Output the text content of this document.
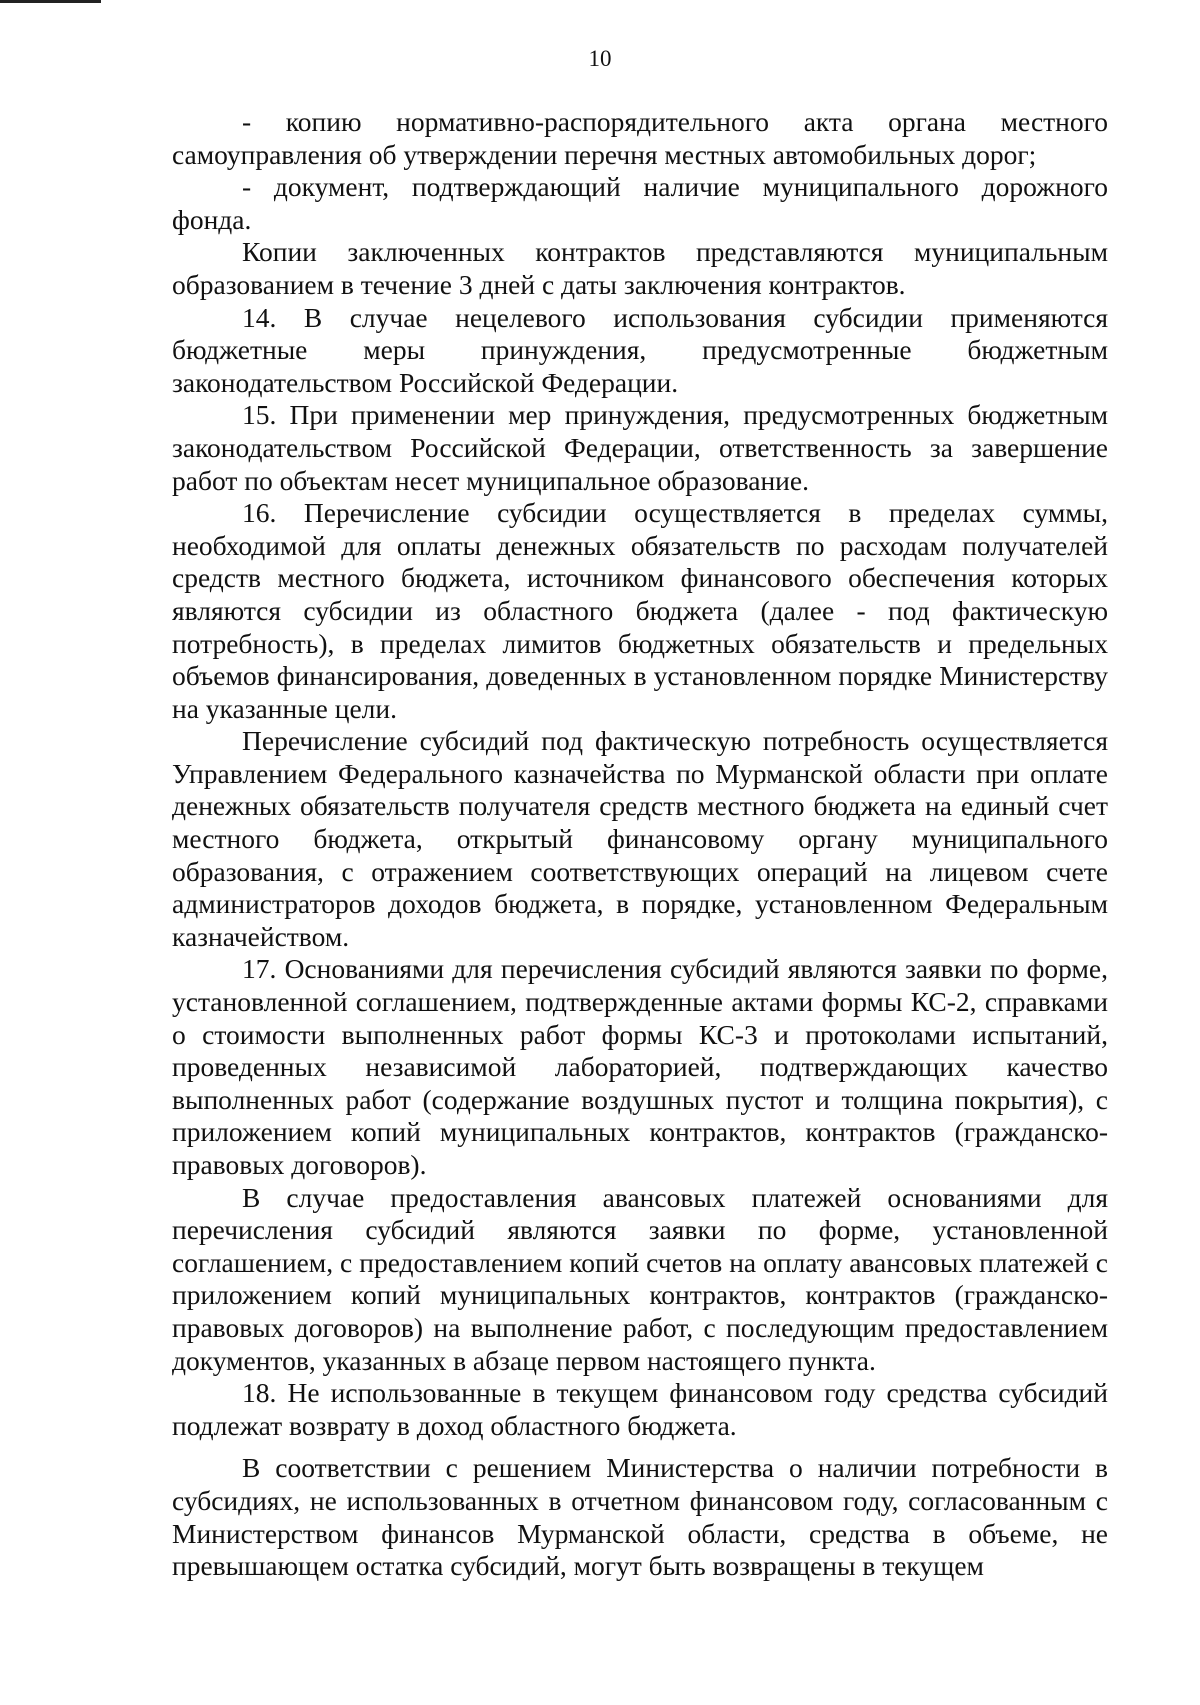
10

- копию нормативно-распорядительного акта органа местного самоуправления об утверждении перечня местных автомобильных дорог;

- документ, подтверждающий наличие муниципального дорожного фонда.

Копии заключенных контрактов представляются муниципальным образованием в течение 3 дней с даты заключения контрактов.

14. В случае нецелевого использования субсидии применяются бюджетные меры принуждения, предусмотренные бюджетным законодательством Российской Федерации.

15. При применении мер принуждения, предусмотренных бюджетным законодательством Российской Федерации, ответственность за завершение работ по объектам несет муниципальное образование.

16. Перечисление субсидии осуществляется в пределах суммы, необходимой для оплаты денежных обязательств по расходам получателей средств местного бюджета, источником финансового обеспечения которых являются субсидии из областного бюджета (далее - под фактическую потребность), в пределах лимитов бюджетных обязательств и предельных объемов финансирования, доведенных в установленном порядке Министерству на указанные цели.

Перечисление субсидий под фактическую потребность осуществляется Управлением Федерального казначейства по Мурманской области при оплате денежных обязательств получателя средств местного бюджета на единый счет местного бюджета, открытый финансовому органу муниципального образования, с отражением соответствующих операций на лицевом счете администраторов доходов бюджета, в порядке, установленном Федеральным казначейством.

17. Основаниями для перечисления субсидий являются заявки по форме, установленной соглашением, подтвержденные актами формы КС-2, справками о стоимости выполненных работ формы КС-3 и протоколами испытаний, проведенных независимой лабораторией, подтверждающих качество выполненных работ (содержание воздушных пустот и толщина покрытия), с приложением копий муниципальных контрактов, контрактов (гражданско-правовых договоров).

В случае предоставления авансовых платежей основаниями для перечисления субсидий являются заявки по форме, установленной соглашением, с предоставлением копий счетов на оплату авансовых платежей с приложением копий муниципальных контрактов, контрактов (гражданско-правовых договоров) на выполнение работ, с последующим предоставлением документов, указанных в абзаце первом настоящего пункта.

18. Не использованные в текущем финансовом году средства субсидий подлежат возврату в доход областного бюджета.

В соответствии с решением Министерства о наличии потребности в субсидиях, не использованных в отчетном финансовом году, согласованным с Министерством финансов Мурманской области, средства в объеме, не превышающем остатка субсидий, могут быть возвращены в текущем
